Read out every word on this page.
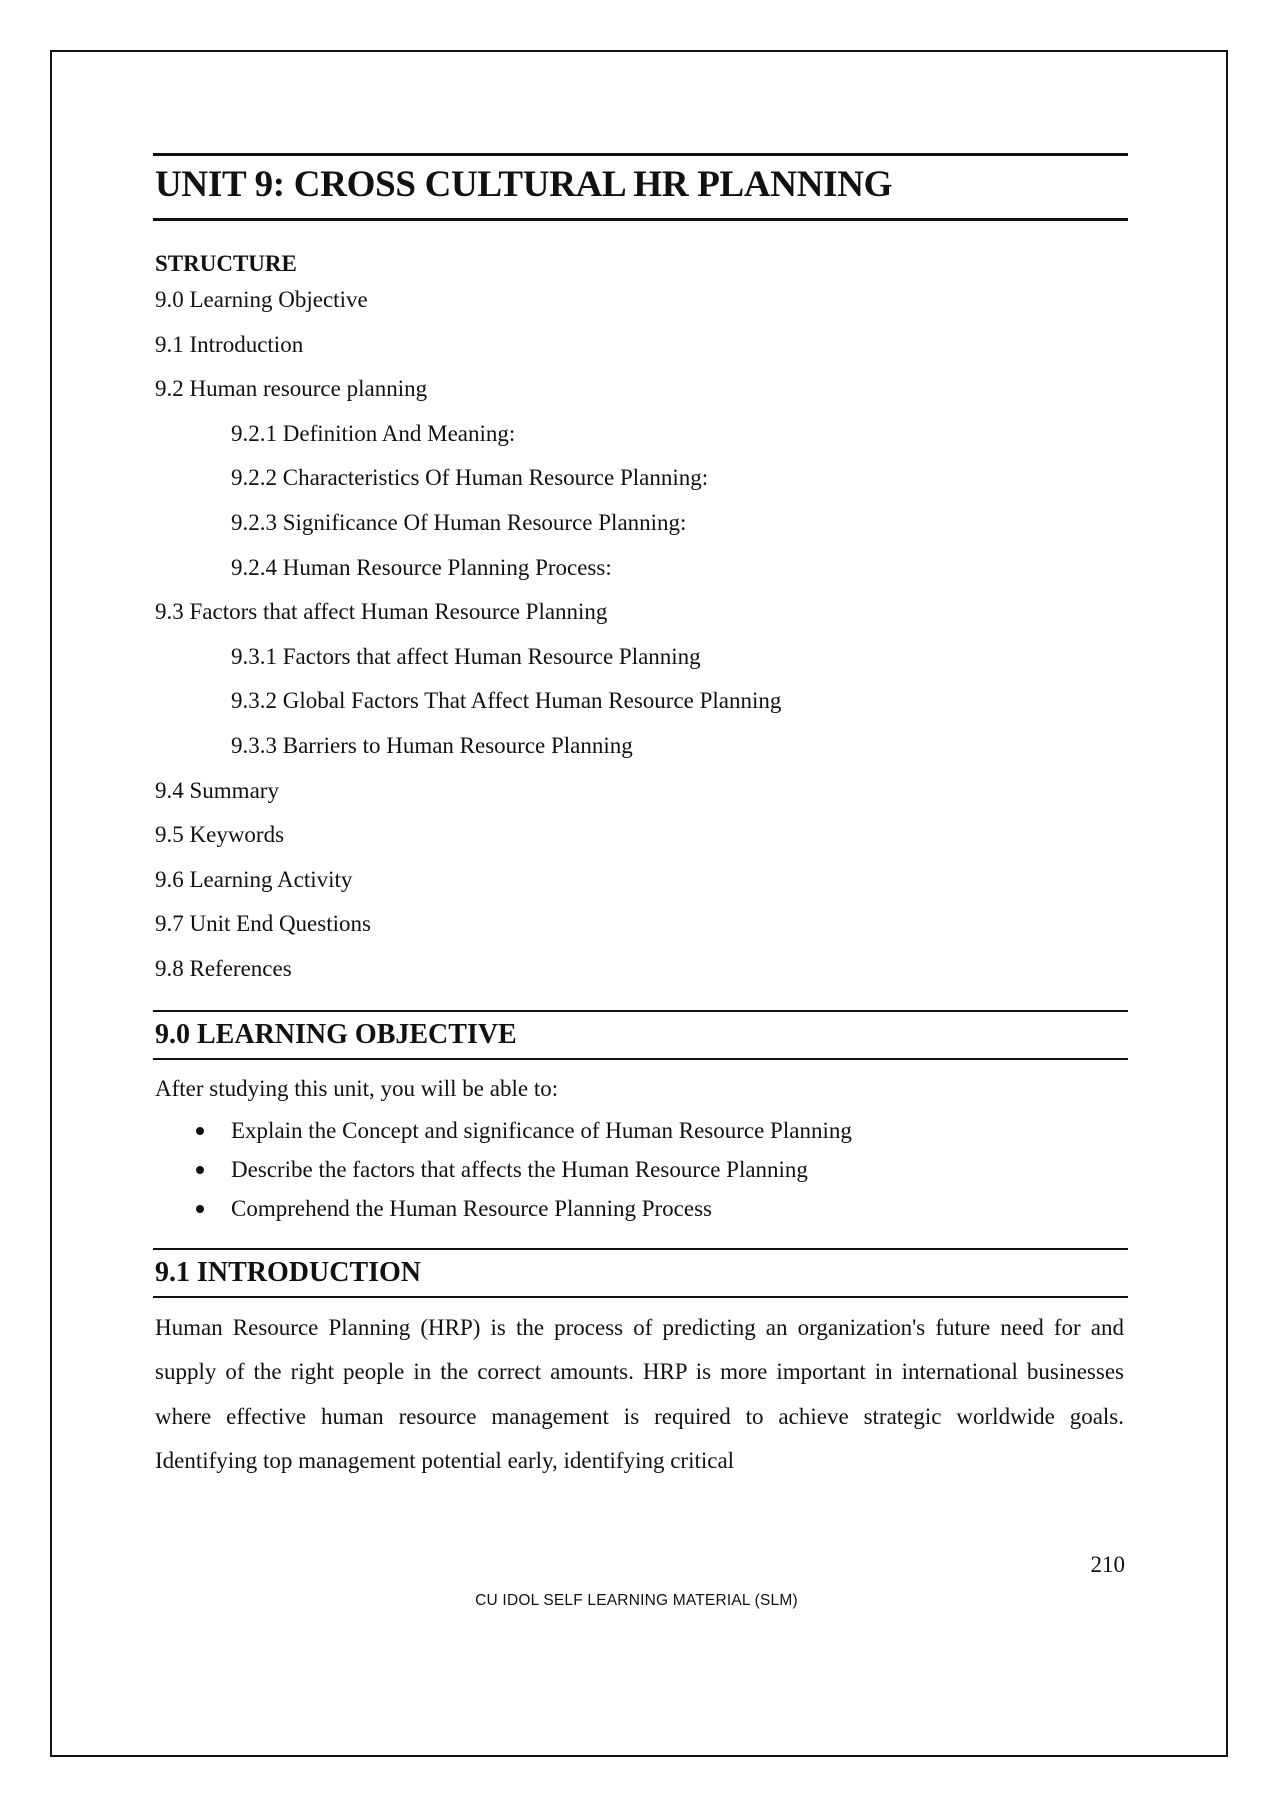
UNIT 9: CROSS CULTURAL HR PLANNING
STRUCTURE
9.0 Learning Objective
9.1 Introduction
9.2 Human resource planning
9.2.1 Definition And Meaning:
9.2.2 Characteristics Of Human Resource Planning:
9.2.3 Significance Of Human Resource Planning:
9.2.4 Human Resource Planning Process:
9.3 Factors that affect Human Resource Planning
9.3.1 Factors that affect Human Resource Planning
9.3.2 Global Factors That Affect Human Resource Planning
9.3.3 Barriers to Human Resource Planning
9.4 Summary
9.5 Keywords
9.6 Learning Activity
9.7 Unit End Questions
9.8 References
9.0 LEARNING OBJECTIVE
After studying this unit, you will be able to:
Explain the Concept and significance of Human Resource Planning
Describe the factors that affects the Human Resource Planning
Comprehend the Human Resource Planning Process
9.1 INTRODUCTION
Human Resource Planning (HRP) is the process of predicting an organization's future need for and supply of the right people in the correct amounts. HRP is more important in international businesses where effective human resource management is required to achieve strategic worldwide goals. Identifying top management potential early, identifying critical
210
CU IDOL SELF LEARNING MATERIAL (SLM)
